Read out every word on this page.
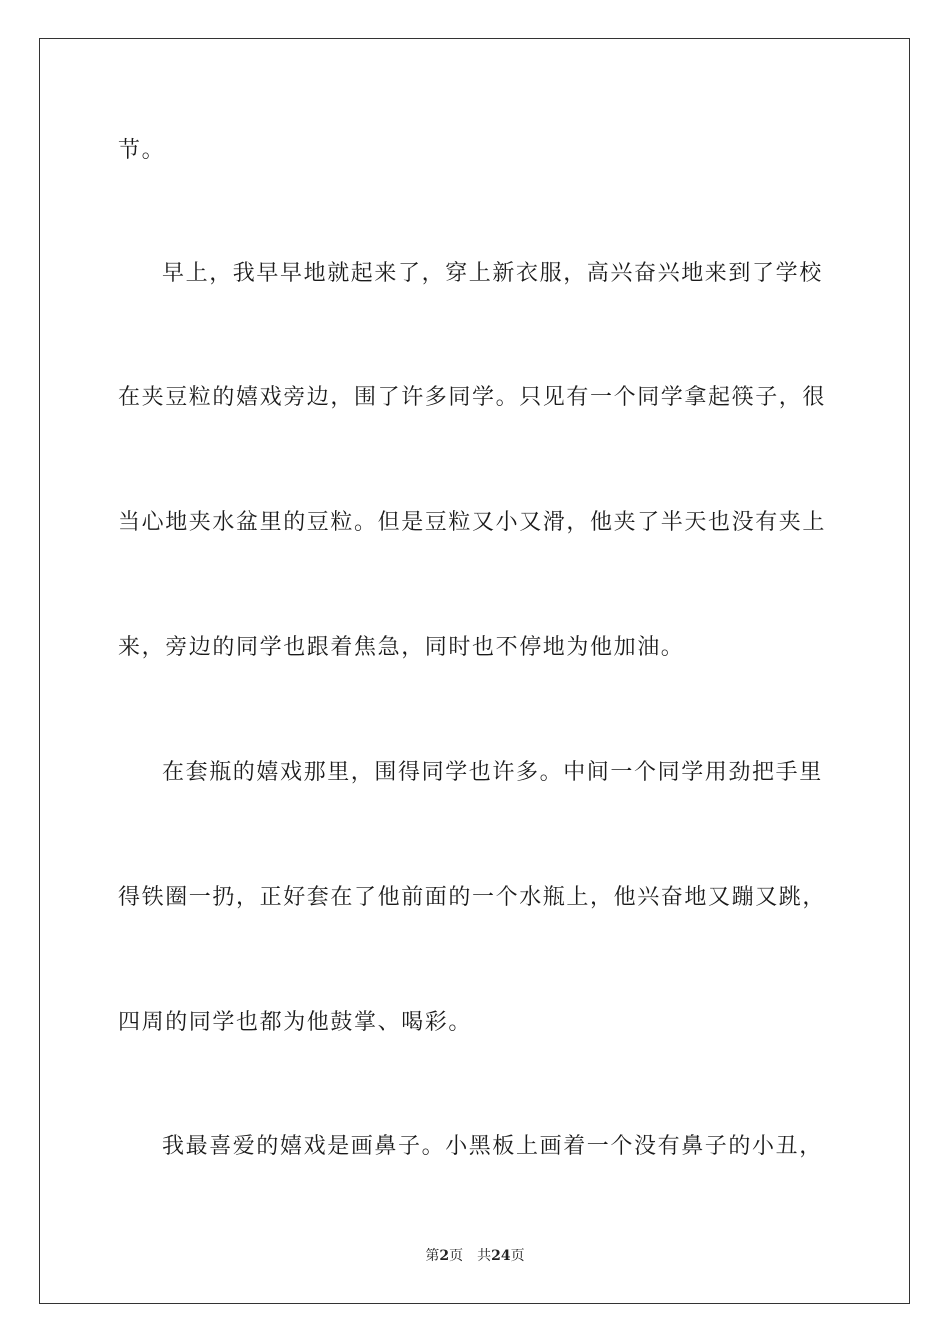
节。
早上，我早早地就起来了，穿上新衣服，高兴奋兴地来到了学校
在夹豆粒的嬉戏旁边，围了许多同学。只见有一个同学拿起筷子，很
当心地夹水盆里的豆粒。但是豆粒又小又滑，他夹了半天也没有夹上
来，旁边的同学也跟着焦急，同时也不停地为他加油。
在套瓶的嬉戏那里，围得同学也许多。中间一个同学用劲把手里
得铁圈一扔，正好套在了他前面的一个水瓶上，他兴奋地又蹦又跳，
四周的同学也都为他鼓掌、喝彩。
我最喜爱的嬉戏是画鼻子。小黑板上画着一个没有鼻子的小丑，
第2页 共24页
